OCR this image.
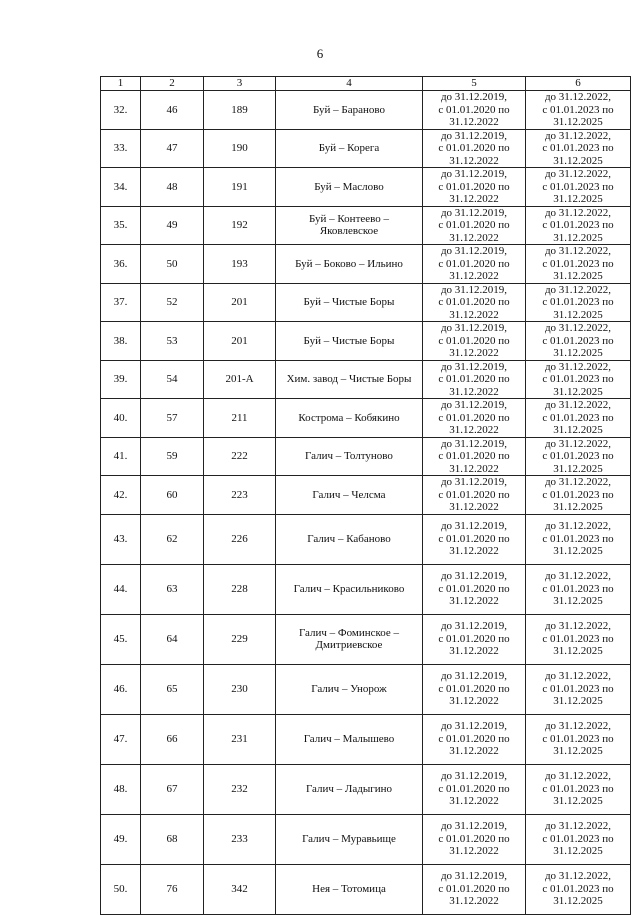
6
1	2	3	4	5	6
32.	46	189	Буй – Бараново	до 31.12.2019,
с 01.01.2020 по
31.12.2022	до 31.12.2022,
с 01.01.2023 по
31.12.2025
33.	47	190	Буй – Корега	до 31.12.2019,
с 01.01.2020 по
31.12.2022	до 31.12.2022,
с 01.01.2023 по
31.12.2025
34.	48	191	Буй – Маслово	до 31.12.2019,
с 01.01.2020 по
31.12.2022	до 31.12.2022,
с 01.01.2023 по
31.12.2025
35.	49	192	Буй – Контеево –
Яковлевское	до 31.12.2019,
с 01.01.2020 по
31.12.2022	до 31.12.2022,
с 01.01.2023 по
31.12.2025
36.	50	193	Буй – Боково – Ильино	до 31.12.2019,
с 01.01.2020 по
31.12.2022	до 31.12.2022,
с 01.01.2023 по
31.12.2025
37.	52	201	Буй – Чистые Боры	до 31.12.2019,
с 01.01.2020 по
31.12.2022	до 31.12.2022,
с 01.01.2023 по
31.12.2025
38.	53	201	Буй – Чистые Боры	до 31.12.2019,
с 01.01.2020 по
31.12.2022	до 31.12.2022,
с 01.01.2023 по
31.12.2025
39.	54	201-А	Хим. завод – Чистые Боры	до 31.12.2019,
с 01.01.2020 по
31.12.2022	до 31.12.2022,
с 01.01.2023 по
31.12.2025
40.	57	211	Кострома – Кобякино	до 31.12.2019,
с 01.01.2020 по
31.12.2022	до 31.12.2022,
с 01.01.2023 по
31.12.2025
41.	59	222	Галич – Толтуново	до 31.12.2019,
с 01.01.2020 по
31.12.2022	до 31.12.2022,
с 01.01.2023 по
31.12.2025
42.	60	223	Галич – Челсма	до 31.12.2019,
с 01.01.2020 по
31.12.2022	до 31.12.2022,
с 01.01.2023 по
31.12.2025
43.	62	226	Галич – Кабаново	до 31.12.2019,
с 01.01.2020 по
31.12.2022	до 31.12.2022,
с 01.01.2023 по
31.12.2025
44.	63	228	Галич – Красильниково	до 31.12.2019,
с 01.01.2020 по
31.12.2022	до 31.12.2022,
с 01.01.2023 по
31.12.2025
45.	64	229	Галич – Фоминское –
Дмитриевское	до 31.12.2019,
с 01.01.2020 по
31.12.2022	до 31.12.2022,
с 01.01.2023 по
31.12.2025
46.	65	230	Галич – Унорож	до 31.12.2019,
с 01.01.2020 по
31.12.2022	до 31.12.2022,
с 01.01.2023 по
31.12.2025
47.	66	231	Галич – Малышево	до 31.12.2019,
с 01.01.2020 по
31.12.2022	до 31.12.2022,
с 01.01.2023 по
31.12.2025
48.	67	232	Галич – Ладыгино	до 31.12.2019,
с 01.01.2020 по
31.12.2022	до 31.12.2022,
с 01.01.2023 по
31.12.2025
49.	68	233	Галич – Муравьище	до 31.12.2019,
с 01.01.2020 по
31.12.2022	до 31.12.2022,
с 01.01.2023 по
31.12.2025
50.	76	342	Нея – Тотомица	до 31.12.2019,
с 01.01.2020 по
31.12.2022	до 31.12.2022,
с 01.01.2023 по
31.12.2025
